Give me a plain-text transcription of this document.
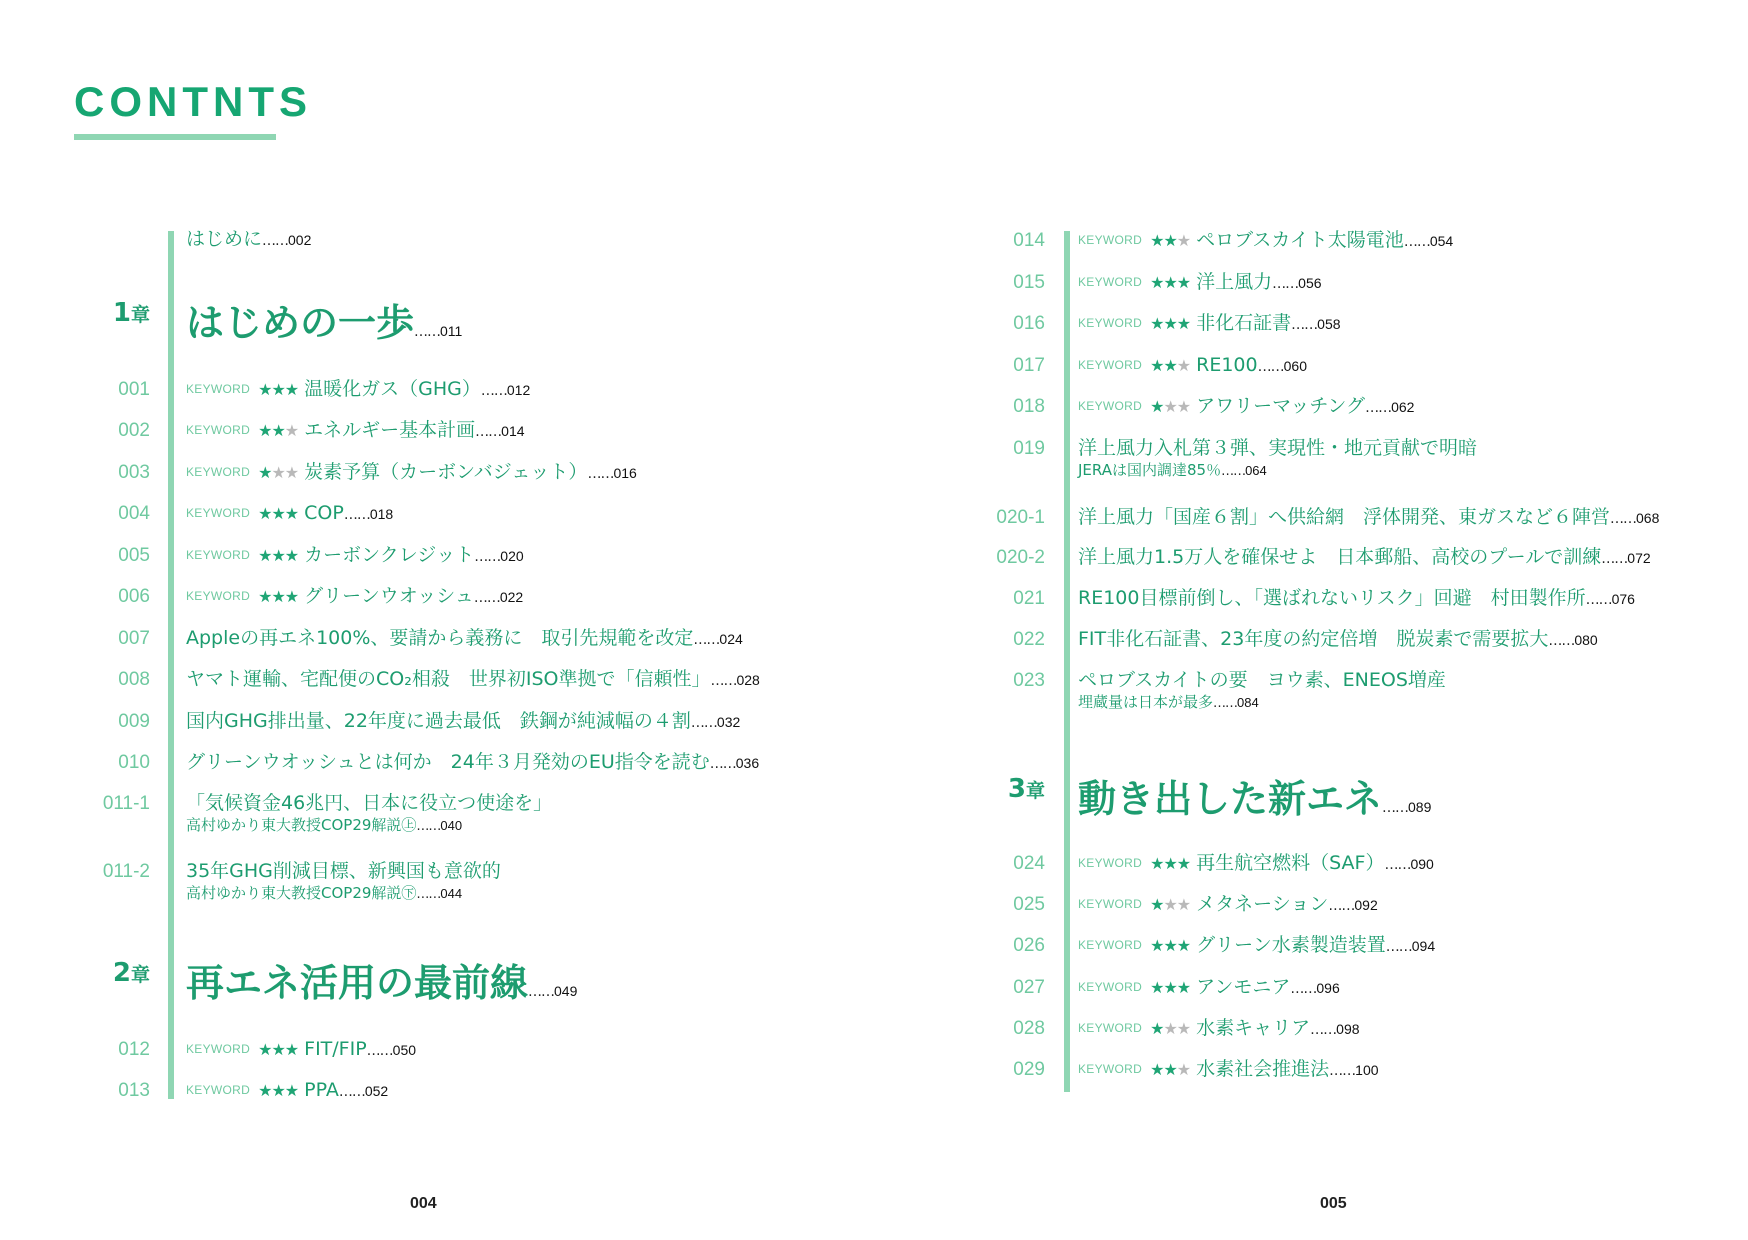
CONTNTS
はじめに……002
1章 はじめの一歩……011
001	KEYWORD ★★★ 温暖化ガス（GHG）……012
002	KEYWORD ★★★ エネルギー基本計画……014
003	KEYWORD ★★★ 炭素予算（カーボンバジェット）……016
004	KEYWORD ★★★ COP……018
005	KEYWORD ★★★ カーボンクレジット……020
006	KEYWORD ★★★ グリーンウオッシュ……022
007 Appleの再エネ100%、要請から義務に　取引先規範を改定……024
008 ヤマト運輸、宅配便のCO₂相殺　世界初ISO準拠で「信頼性」……028
009 国内GHG排出量、22年度に過去最低　鉄鋼が純減幅の４割……032
010 グリーンウオッシュとは何か　24年３月発効のEU指令を読む……036
011-1 「気候資金46兆円、日本に役立つ使途を」
高村ゆかり東大教授COP29解説㊤……040
011-2 35年GHG削減目標、新興国も意欲的
高村ゆかり東大教授COP29解説㊦……044
2章 再エネ活用の最前線……049
012	KEYWORD ★★★ FIT/FIP……050
013	KEYWORD ★★★ PPA……052
014	KEYWORD ★★★ ペロブスカイト太陽電池……054
015	KEYWORD ★★★ 洋上風力……056
016	KEYWORD ★★★ 非化石証書……058
017	KEYWORD ★★★ RE100……060
018	KEYWORD ★★★ アワリーマッチング……062
019 洋上風力入札第３弾、実現性・地元貢献で明暗
JERAは国内調達85％……064
020-1 洋上風力「国産６割」へ供給網　浮体開発、東ガスなど６陣営……068
020-2 洋上風力1.5万人を確保せよ　日本郵船、高校のプールで訓練……072
021 RE100目標前倒し、「選ばれないリスク」回避　村田製作所……076
022 FIT非化石証書、23年度の約定倍増　脱炭素で需要拡大……080
023 ペロブスカイトの要　ヨウ素、ENEOS増産
埋蔵量は日本が最多……084
3章 動き出した新エネ……089
024	KEYWORD ★★★ 再生航空燃料（SAF）……090
025	KEYWORD ★★★ メタネーション……092
026	KEYWORD ★★★ グリーン水素製造装置……094
027	KEYWORD ★★★ アンモニア……096
028	KEYWORD ★★★ 水素キャリア……098
029	KEYWORD ★★★ 水素社会推進法……100
004	005
